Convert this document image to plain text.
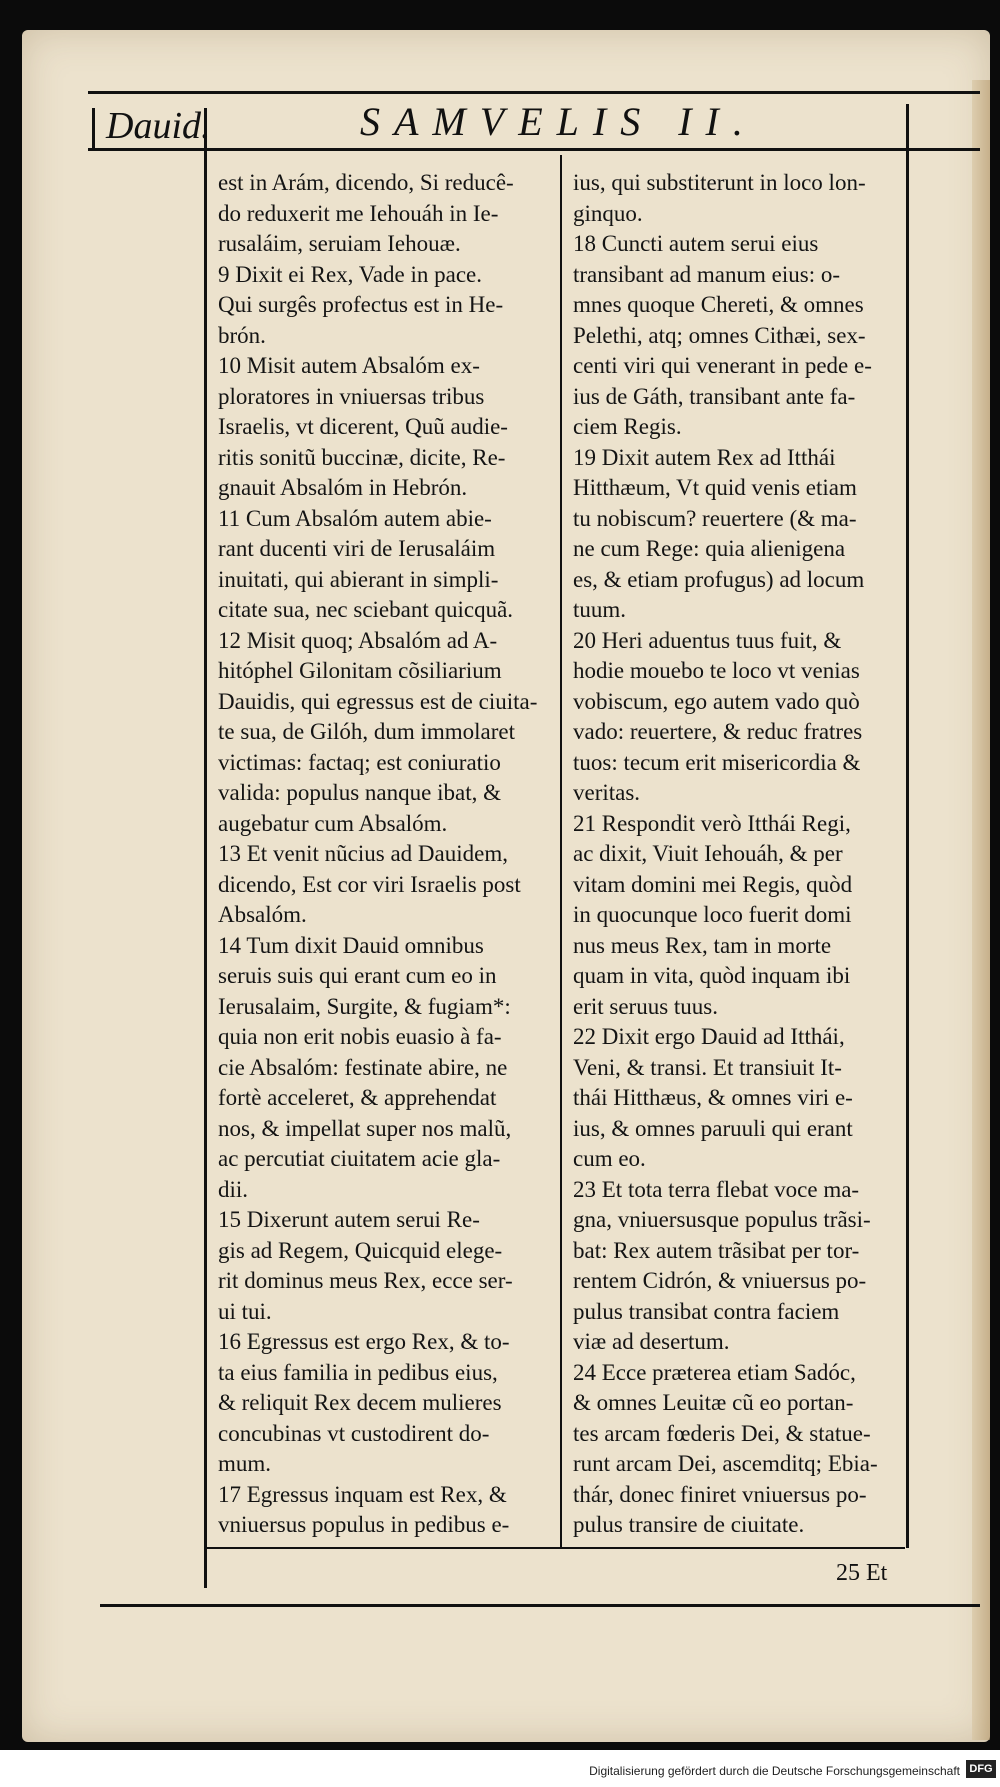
Dauid.	SAMVELIS II.

est in Arám, dicendo, Si reducê-

do reduxerit me Iehouáh in Ie-

rusaláim, seruiam Iehouæ.

9 Dixit ei Rex, Vade in pace.

Qui surgês profectus est in He-

brón.

10 Misit autem Absalóm ex-

ploratores in vniuersas tribus

Israelis, vt dicerent, Quũ audie-

ritis sonitũ buccinæ, dicite, Re-

gnauit Absalóm in Hebrón.

11 Cum Absalóm autem abie-

rant ducenti viri de Ierusaláim

inuitati, qui abierant in simpli-

citate sua, nec sciebant quicquã.

12 Misit quoq; Absalóm ad A-

hitóphel Gilonitam cõsiliarium

Dauidis, qui egressus est de ciuita-

te sua, de Gilóh, dum immolaret

victimas: factaq; est coniuratio

valida: populus nanque ibat, &

augebatur cum Absalóm.

13 Et venit nũcius ad Dauidem,

dicendo, Est cor viri Israelis post

Absalóm.

14 Tum dixit Dauid omnibus

seruis suis qui erant cum eo in

Ierusalaim, Surgite, & fugiam*:

quia non erit nobis euasio à fa-

cie Absalóm: festinate abire, ne

fortè acceleret, & apprehendat

nos, & impellat super nos malũ,

ac percutiat ciuitatem acie gla-

dii.

15 Dixerunt autem serui Re-

gis ad Regem, Quicquid elege-

rit dominus meus Rex, ecce ser-

ui tui.

16 Egressus est ergo Rex, & to-

ta eius familia in pedibus eius,

& reliquit Rex decem mulieres

concubinas vt custodirent do-

mum.

17 Egressus inquam est Rex, &

vniuersus populus in pedibus e-

ius, qui substiterunt in loco lon-

ginquo.

18 Cuncti autem serui eius

transibant ad manum eius: o-

mnes quoque Chereti, & omnes

Pelethi, atq; omnes Cithæi, sex-

centi viri qui venerant in pede e-

ius de Gáth, transibant ante fa-

ciem Regis.

19 Dixit autem Rex ad Itthái

Hitthæum, Vt quid venis etiam

tu nobiscum? reuertere (& ma-

ne cum Rege: quia alienigena

es, & etiam profugus) ad locum

tuum.

20 Heri aduentus tuus fuit, &

hodie mouebo te loco vt venias

vobiscum, ego autem vado quò

vado: reuertere, & reduc fratres

tuos: tecum erit misericordia &

veritas.

21 Respondit verò Itthái Regi,

ac dixit, Viuit Iehouáh, & per

vitam domini mei Regis, quòd

in quocunque loco fuerit domi

nus meus Rex, tam in morte

quam in vita, quòd inquam ibi

erit seruus tuus.

22 Dixit ergo Dauid ad Itthái,

Veni, & transi. Et transiuit It-

thái Hitthæus, & omnes viri e-

ius, & omnes paruuli qui erant

cum eo.

23 Et tota terra flebat voce ma-

gna, vniuersusque populus trãsi-

bat: Rex autem trãsibat per tor-

rentem Cidrón, & vniuersus po-

pulus transibat contra faciem

viæ ad desertum.

24 Ecce præterea etiam Sadóc,

& omnes Leuitæ cũ eo portan-

tes arcam fœderis Dei, & statue-

runt arcam Dei, ascemditq; Ebia-

thár, donec finiret vniuersus po-

pulus transire de ciuitate.

25 Et
Digitalisierung gefördert durch die Deutsche Forschungsgemeinschaft DFG
